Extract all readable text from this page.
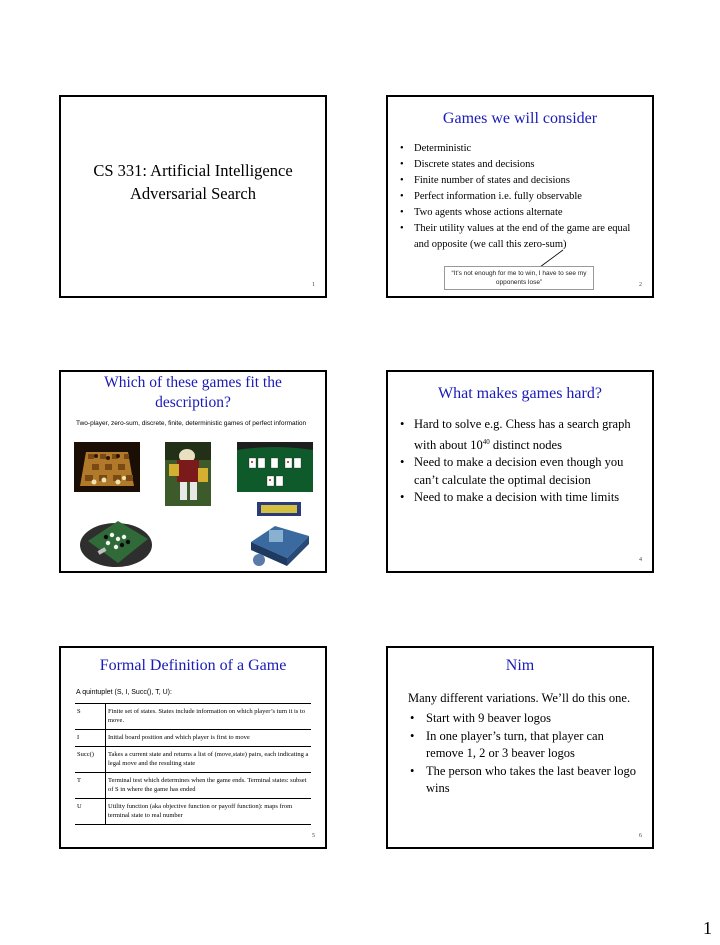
CS 331: Artificial Intelligence
Adversarial Search
1
Games we will consider
• Deterministic
• Discrete states and decisions
• Finite number of states and decisions
• Perfect information i.e. fully observable
• Two agents whose actions alternate
• Their utility values at the end of the game are equal and opposite (we call this zero-sum)
“It’s not enough for me to win, I have to see my opponents lose”	2
Which of these games fit the description?
Two-player, zero-sum, discrete, finite, deterministic games of perfect information
What makes games hard?
• Hard to solve e.g. Chess has a search graph with about $10^{40}$ distinct nodes
• Need to make a decision even though you can’t calculate the optimal decision
• Need to make a decision with time limits
4
Formal Definition of a Game
A quintuplet (S, I, Succ(), T, U):
S	Finite set of states. States include information on which player’s turn it is to move.
I	Initial board position and which player is first to move
Succ()	Takes a current state and returns a list of (move,state) pairs, each indicating a legal move and the resulting state
T	Terminal test which determines when the game ends. Terminal states: subset of S in where the game has ended
U	Utility function (aka objective function or payoff function): maps from terminal state to real number
5
Nim
Many different variations. We’ll do this one.
• Start with 9 beaver logos
• In one player’s turn, that player can remove 1, 2 or 3 beaver logos
• The person who takes the last beaver logo wins
6
1
